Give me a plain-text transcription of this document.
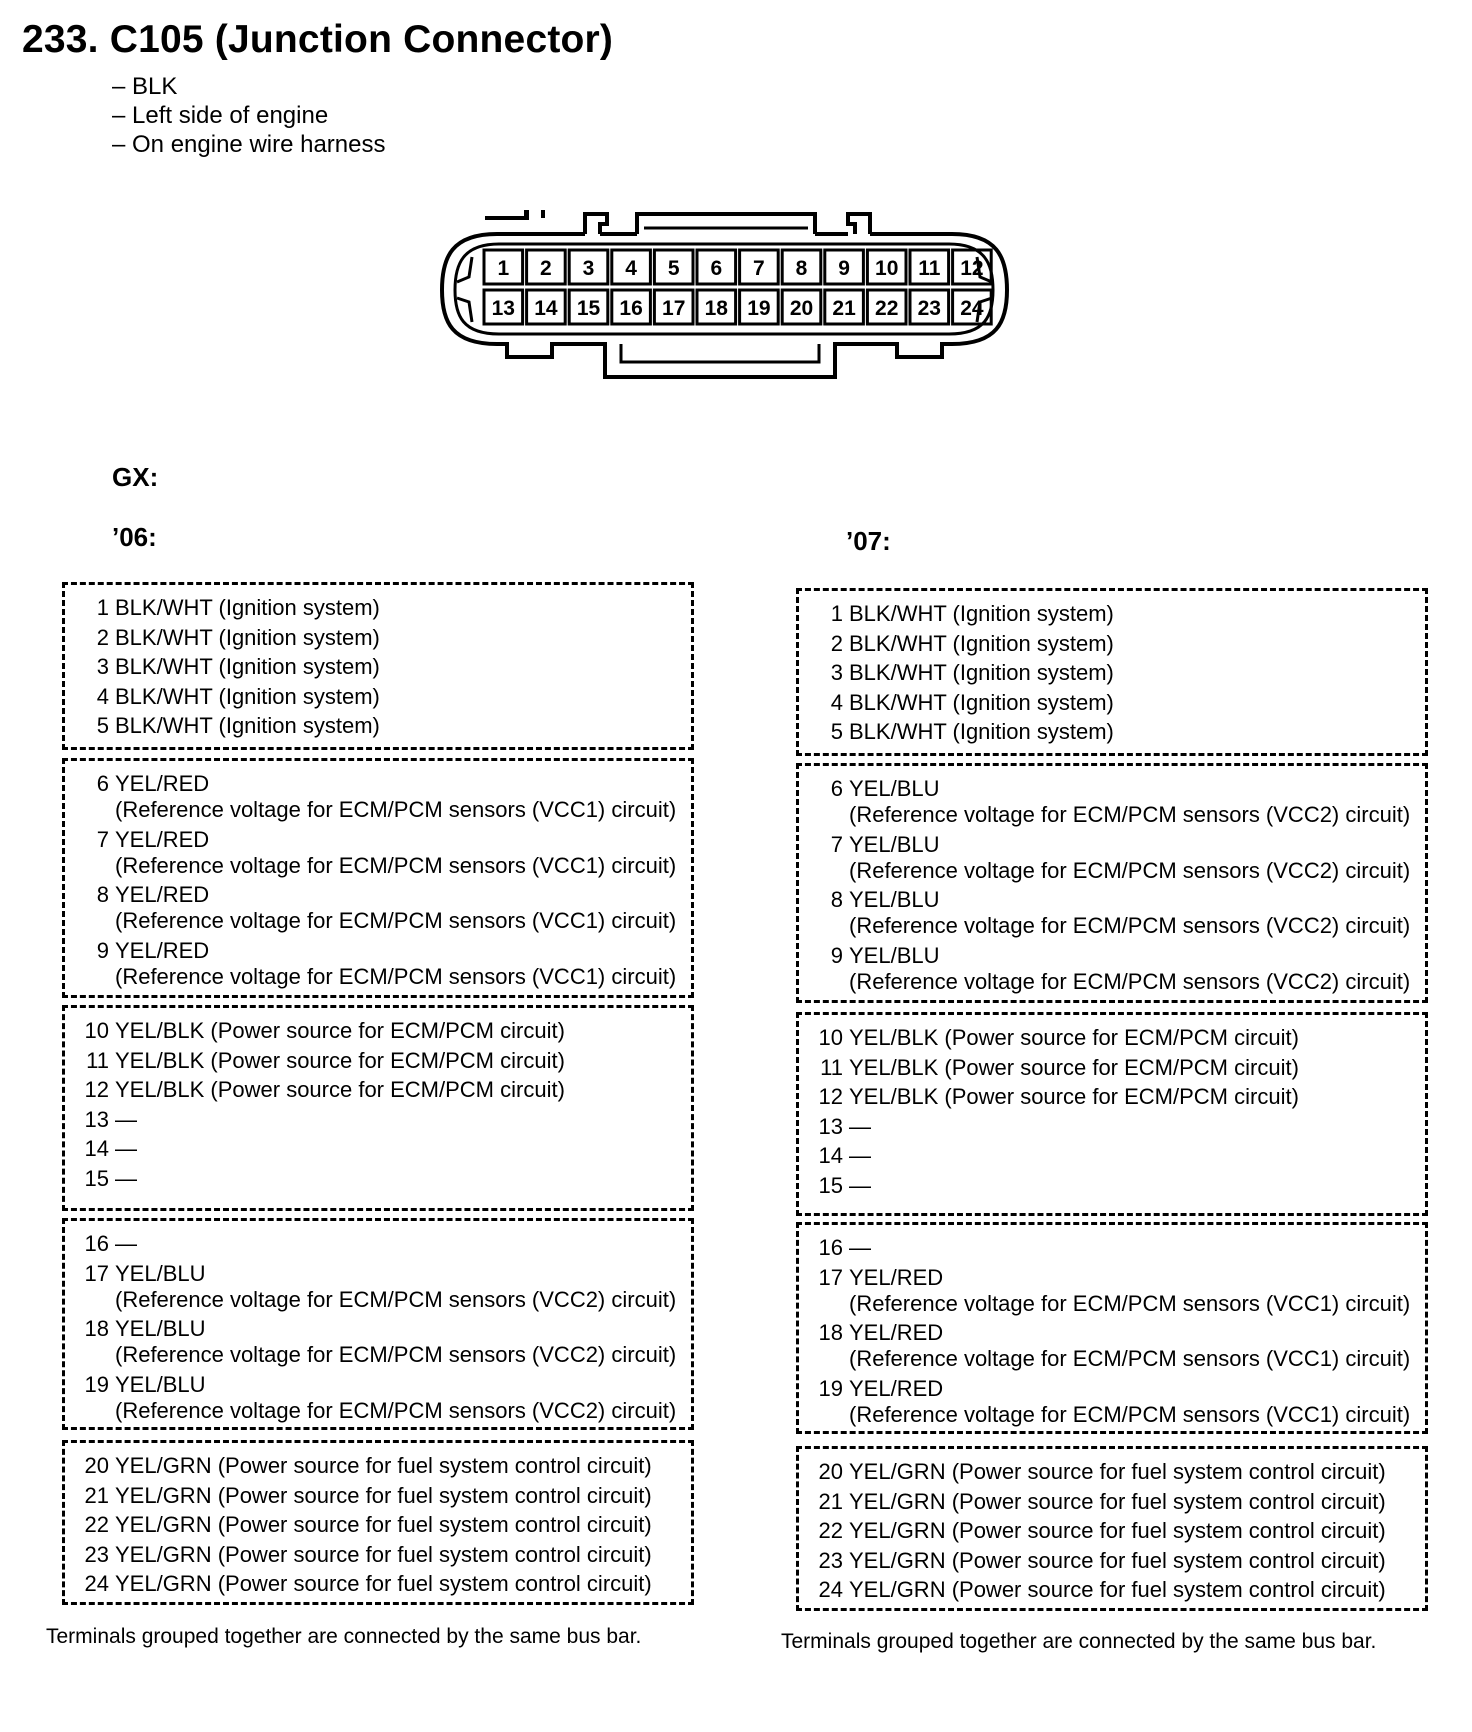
233. C105 (Junction Connector)
– BLK
– Left side of engine
– On engine wire harness
1 2 3 4 5 6 7 8 9 10 11 12
13 14 15 16 17 18 19 20 21 22 23 24
GX:
’06:	’07:
1 BLK/WHT (Ignition system)
2 BLK/WHT (Ignition system)
3 BLK/WHT (Ignition system)
4 BLK/WHT (Ignition system)
5 BLK/WHT (Ignition system)
6 YEL/RED
(Reference voltage for ECM/PCM sensors (VCC1) circuit)
7 YEL/RED
(Reference voltage for ECM/PCM sensors (VCC1) circuit)
8 YEL/RED
(Reference voltage for ECM/PCM sensors (VCC1) circuit)
9 YEL/RED
(Reference voltage for ECM/PCM sensors (VCC1) circuit)
10 YEL/BLK (Power source for ECM/PCM circuit)
11 YEL/BLK (Power source for ECM/PCM circuit)
12 YEL/BLK (Power source for ECM/PCM circuit)
13 —
14 —
15 —
16 —
17 YEL/BLU
(Reference voltage for ECM/PCM sensors (VCC2) circuit)
18 YEL/BLU
(Reference voltage for ECM/PCM sensors (VCC2) circuit)
19 YEL/BLU
(Reference voltage for ECM/PCM sensors (VCC2) circuit)
20 YEL/GRN (Power source for fuel system control circuit)
21 YEL/GRN (Power source for fuel system control circuit)
22 YEL/GRN (Power source for fuel system control circuit)
23 YEL/GRN (Power source for fuel system control circuit)
24 YEL/GRN (Power source for fuel system control circuit)
1 BLK/WHT (Ignition system)
2 BLK/WHT (Ignition system)
3 BLK/WHT (Ignition system)
4 BLK/WHT (Ignition system)
5 BLK/WHT (Ignition system)
6 YEL/BLU
(Reference voltage for ECM/PCM sensors (VCC2) circuit)
7 YEL/BLU
(Reference voltage for ECM/PCM sensors (VCC2) circuit)
8 YEL/BLU
(Reference voltage for ECM/PCM sensors (VCC2) circuit)
9 YEL/BLU
(Reference voltage for ECM/PCM sensors (VCC2) circuit)
10 YEL/BLK (Power source for ECM/PCM circuit)
11 YEL/BLK (Power source for ECM/PCM circuit)
12 YEL/BLK (Power source for ECM/PCM circuit)
13 —
14 —
15 —
16 —
17 YEL/RED
(Reference voltage for ECM/PCM sensors (VCC1) circuit)
18 YEL/RED
(Reference voltage for ECM/PCM sensors (VCC1) circuit)
19 YEL/RED
(Reference voltage for ECM/PCM sensors (VCC1) circuit)
20 YEL/GRN (Power source for fuel system control circuit)
21 YEL/GRN (Power source for fuel system control circuit)
22 YEL/GRN (Power source for fuel system control circuit)
23 YEL/GRN (Power source for fuel system control circuit)
24 YEL/GRN (Power source for fuel system control circuit)
Terminals grouped together are connected by the same bus bar.	Terminals grouped together are connected by the same bus bar.
